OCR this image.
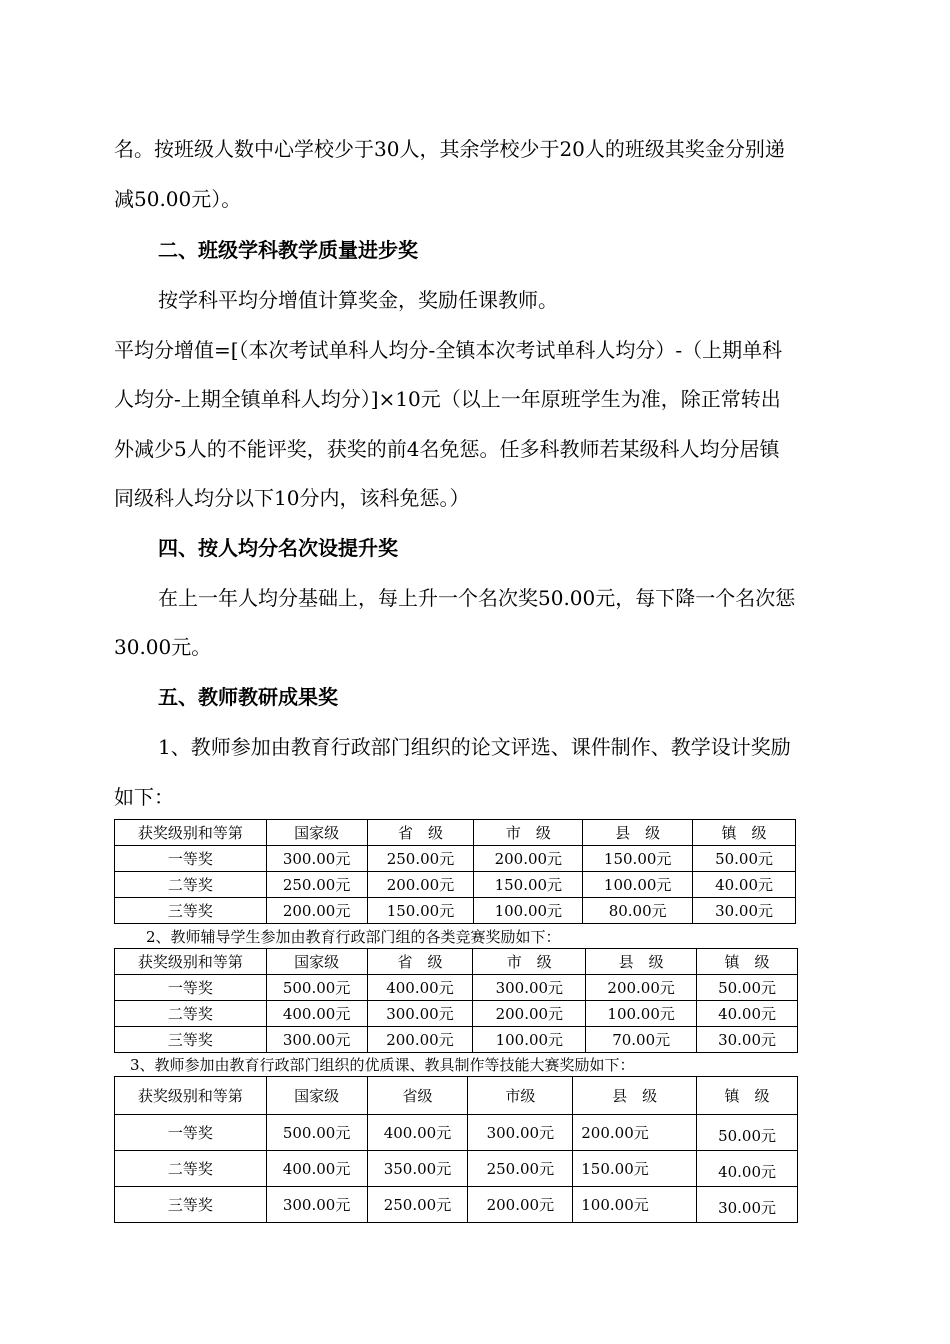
名。按班级人数中心学校少于30人，其余学校少于20人的班级其奖金分别递
减50.00元）。
二、班级学科教学质量进步奖
按学科平均分增值计算奖金，奖励任课教师。
平均分增值=[（本次考试单科人均分-全镇本次考试单科人均分）-（上期单科
人均分-上期全镇单科人均分）]×10元（以上一年原班学生为准，除正常转出
外减少5人的不能评奖，获奖的前4名免惩。任多科教师若某级科人均分居镇
同级科人均分以下10分内，该科免惩。）
四、按人均分名次设提升奖
在上一年人均分基础上，每上升一个名次奖50.00元，每下降一个名次惩
30.00元。
五、教师教研成果奖
1、教师参加由教育行政部门组织的论文评选、课件制作、教学设计奖励
如下：
获奖级别和等第	国家级	省　级	市　级	县　级	镇　级
一等奖	300.00元	250.00元	200.00元	150.00元	50.00元
二等奖	250.00元	200.00元	150.00元	100.00元	40.00元
三等奖	200.00元	150.00元	100.00元	80.00元	30.00元
2、教师辅导学生参加由教育行政部门组的各类竞赛奖励如下：
获奖级别和等第	国家级	省　级	市　级	县　级	镇　级
一等奖	500.00元	400.00元	300.00元	200.00元	50.00元
二等奖	400.00元	300.00元	200.00元	100.00元	40.00元
三等奖	300.00元	200.00元	100.00元	70.00元	30.00元
3、教师参加由教育行政部门组织的优质课、教具制作等技能大赛奖励如下：
获奖级别和等第	国家级	省级	市级	县　级	镇　级
一等奖	500.00元	400.00元	300.00元	200.00元	50.00元
二等奖	400.00元	350.00元	250.00元	150.00元	40.00元
三等奖	300.00元	250.00元	200.00元	100.00元	30.00元
